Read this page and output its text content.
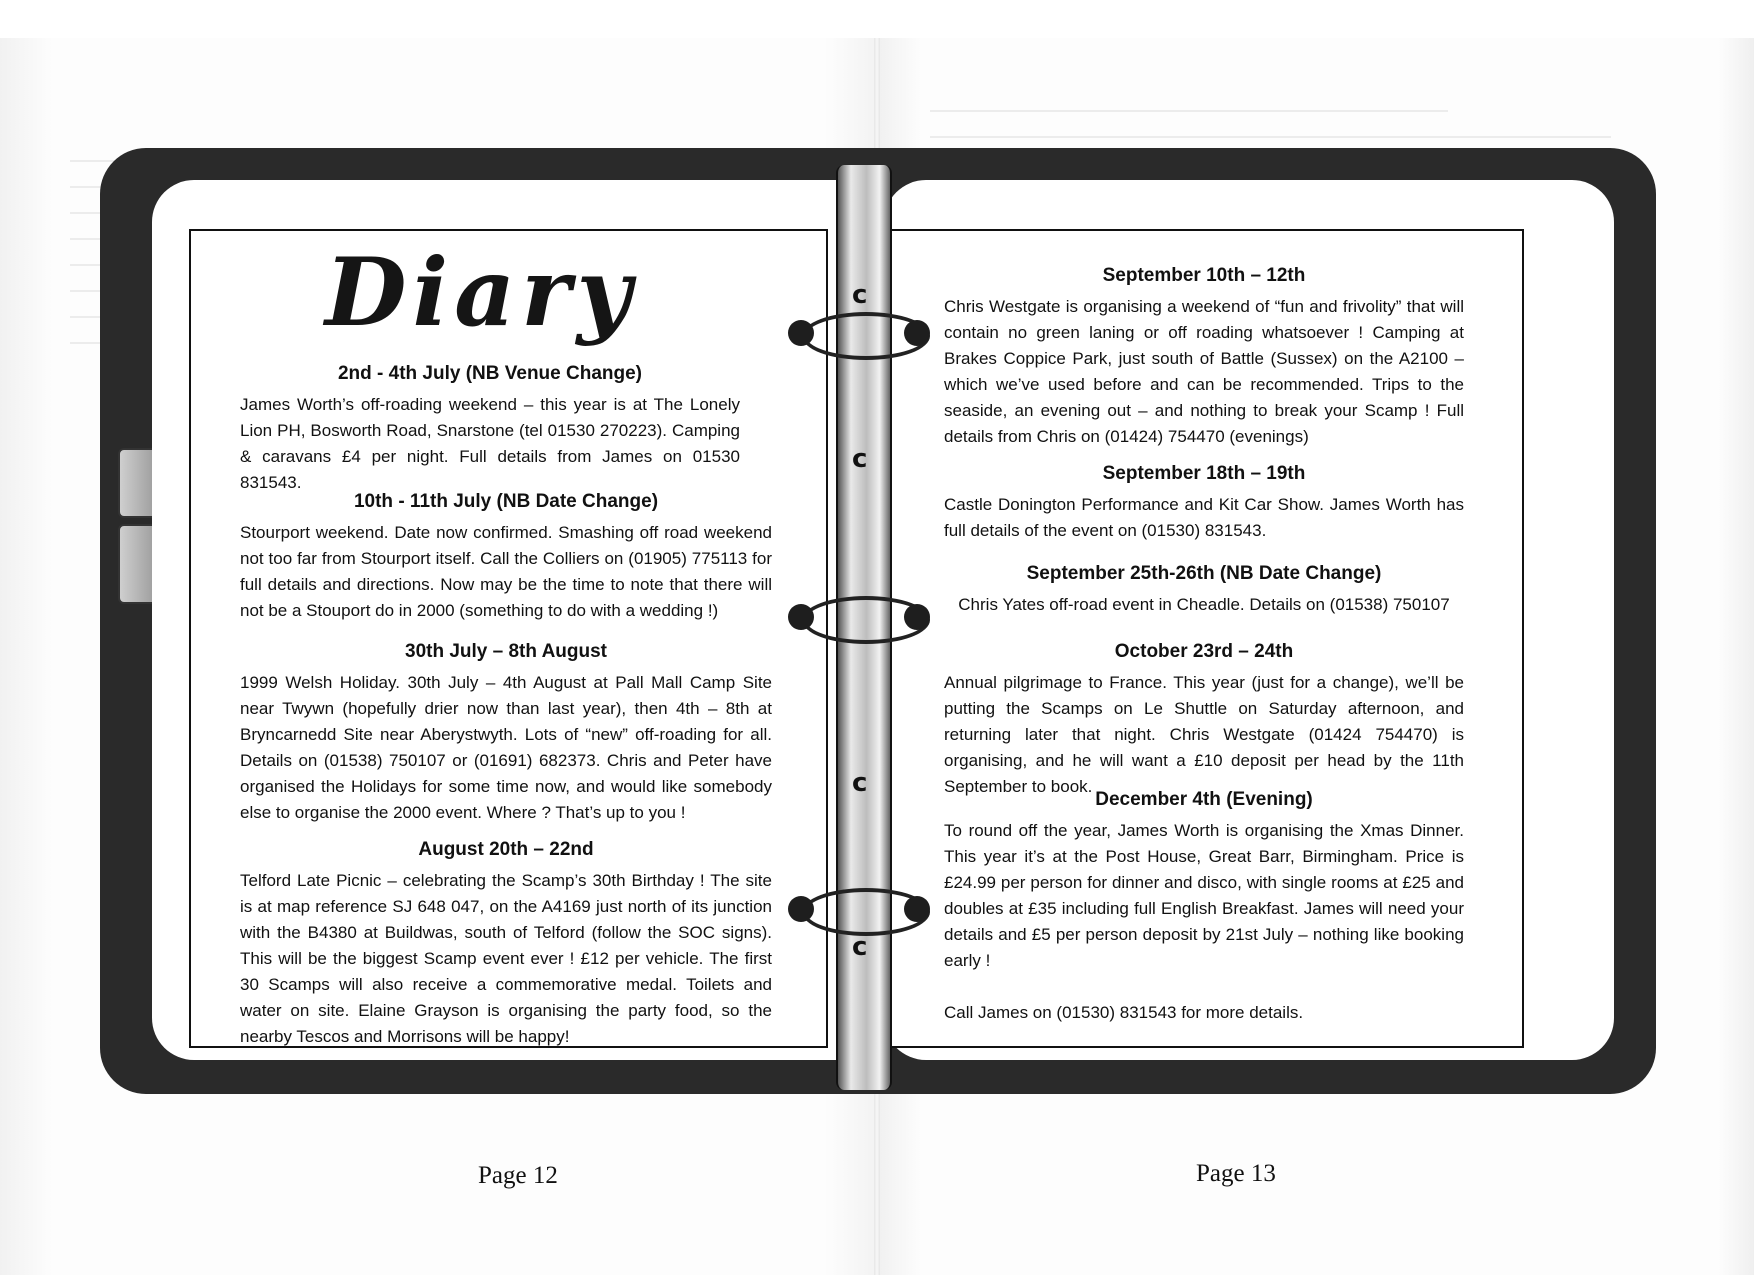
c
c
c
c
Diary
2nd - 4th July (NB Venue Change)

James Worth’s off-roading weekend – this year is at The Lonely Lion PH, Bosworth Road, Snarstone (tel 01530 270223). Camping & caravans £4 per night. Full details from James on 01530 831543.

10th - 11th July (NB Date Change)

Stourport weekend. Date now confirmed. Smashing off road weekend not too far from Stourport itself. Call the Colliers on (01905) 775113 for full details and directions. Now may be the time to note that there will not be a Stouport do in 2000 (something to do with a wedding !)

30th July – 8th August

1999 Welsh Holiday. 30th July – 4th August at Pall Mall Camp Site near Twywn (hopefully drier now than last year), then 4th – 8th at Bryncarnedd Site near Aberystwyth. Lots of “new” off-roading for all. Details on (01538) 750107 or (01691) 682373. Chris and Peter have organised the Holidays for some time now, and would like somebody else to organise the 2000 event. Where ? That’s up to you !

August 20th – 22nd

Telford Late Picnic – celebrating the Scamp’s 30th Birthday ! The site is at map reference SJ 648 047, on the A4169 just north of its junction with the B4380 at Buildwas, south of Telford (follow the SOC signs). This will be the biggest Scamp event ever ! £12 per vehicle. The first 30 Scamps will also receive a commemorative medal. Toilets and water on site. Elaine Grayson is organising the party food, so the nearby Tescos and Morrisons will be happy!

Page 12
September 10th – 12th

Chris Westgate is organising a weekend of “fun and frivolity” that will contain no green laning or off roading whatsoever ! Camping at Brakes Coppice Park, just south of Battle (Sussex) on the A2100 – which we’ve used before and can be recommended. Trips to the seaside, an evening out – and nothing to break your Scamp ! Full details from Chris on (01424) 754470 (evenings)

September 18th – 19th

Castle Donington Performance and Kit Car Show. James Worth has full details of the event on (01530) 831543.

September 25th-26th (NB Date Change)

Chris Yates off-road event in Cheadle. Details on (01538) 750107

October 23rd – 24th

Annual pilgrimage to France. This year (just for a change), we’ll be putting the Scamps on Le Shuttle on Saturday afternoon, and returning later that night. Chris Westgate (01424 754470) is organising, and he will want a £10 deposit per head by the 11th September to book.

December 4th (Evening)

To round off the year, James Worth is organising the Xmas Dinner. This year it’s at the Post House, Great Barr, Birmingham. Price is £24.99 per person for dinner and disco, with single rooms at £25 and doubles at £35 including full English Breakfast. James will need your details and £5 per person deposit by 21st July – nothing like booking early !

Call James on (01530) 831543 for more details.

Page 13
